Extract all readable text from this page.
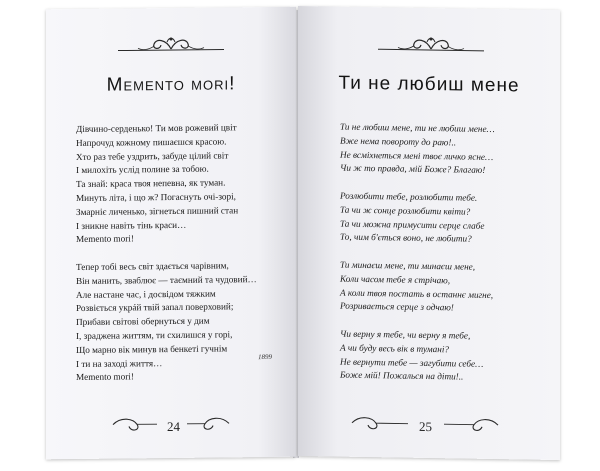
Memento mori!
Дівчино-серденько! Ти мов рожевий цвіт
Напрочуд кожному пишаєшся красою.
Хто раз тебе уздрить, забуде цілий світ
І милоxіть услід полине за тобою.
Та знай: краса твоя непевна, як туман.
Минуть літа, і що ж? Погаснуть очі-зорі,
Змарніє личенько, зігнеться пишний стан
І зникне навіть тінь краси…
Memento mori!
Тепер тобі весь світ здається чарівним,
Він манить, зваблює — таємний та чудовий…
Але настане час, і досвідом тяжким
Розвіється укрáй твій запал поверховий;
Прибави світові обернуться у дим
І, зраджена життям, ти схилишся у горі,
Що марно вік минув на бенкеті гучнім
І ти на заході життя…
Memento mori!
1899
24
Ти не любиш мене
Ти не любиш мене, ти не любиш мене…
Вже нема повороту до раю!..
Не всміхнеться мені твоє личко ясне…
Чи ж то правда, мій Боже? Благаю!
Розлюбити тебе, розлюбити тебе.
Та чи ж сонце розлюбити квіти?
Та чи можна примусити серце слабе
То, чим б'ється воно, не любити?
Ти минаєш мене, ти минаєш мене,
Коли часом тебе я стрічаю,
А коли твоя постать в останнє мигне,
Розривається серце з одчаю!
Чи верну я тебе, чи верну я тебе,
А чи буду весь вік в тумані?
Не вернути тебе — загубити себе…
Боже мій! Пожалься на діти!..
25
